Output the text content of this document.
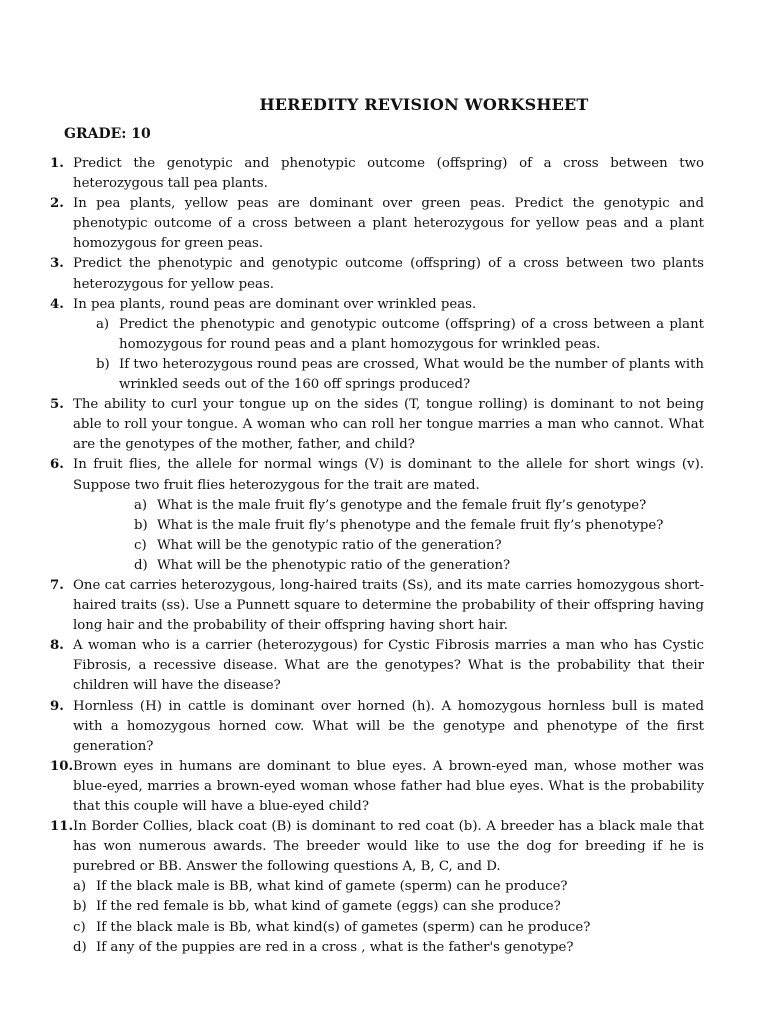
HEREDITY REVISION WORKSHEET
GRADE: 10
1. Predict the genotypic and phenotypic outcome (offspring) of a cross between two heterozygous tall pea plants.

2. In pea plants, yellow peas are dominant over green peas. Predict the genotypic and phenotypic outcome of a cross between a plant heterozygous for yellow peas and a plant homozygous for green peas.

3. Predict the phenotypic and genotypic outcome (offspring) of a cross between two plants heterozygous for yellow peas.

4. In pea plants, round peas are dominant over wrinkled peas.

a) Predict the phenotypic and genotypic outcome (offspring) of a cross between a plant homozygous for round peas and a plant homozygous for wrinkled peas.
b) If two heterozygous round peas are crossed, What would be the number of plants with wrinkled seeds out of the 160 off springs produced?
5. The ability to curl your tongue up on the sides (T, tongue rolling) is dominant to not being able to roll your tongue. A woman who can roll her tongue marries a man who cannot. What are the genotypes of the mother, father, and child?

6. In fruit flies, the allele for normal wings (V) is dominant to the allele for short wings (v). Suppose two fruit flies heterozygous for the trait are mated.

a) What is the male fruit fly’s genotype and the female fruit fly’s genotype?
b) What is the male fruit fly’s phenotype and the female fruit fly’s phenotype?
c) What will be the genotypic ratio of the generation?
d) What will be the phenotypic ratio of the generation?
7. One cat carries heterozygous, long-haired traits (Ss), and its mate carries homozygous short-haired traits (ss). Use a Punnett square to determine the probability of their offspring having long hair and the probability of their offspring having short hair.

8. A woman who is a carrier (heterozygous) for Cystic Fibrosis marries a man who has Cystic Fibrosis, a recessive disease. What are the genotypes? What is the probability that their children will have the disease?

9. Hornless (H) in cattle is dominant over horned (h). A homozygous hornless bull is mated with a homozygous horned cow. What will be the genotype and phenotype of the first generation?

10. Brown eyes in humans are dominant to blue eyes. A brown-eyed man, whose mother was blue-eyed, marries a brown-eyed woman whose father had blue eyes. What is the probability that this couple will have a blue-eyed child?

11. In Border Collies, black coat (B) is dominant to red coat (b). A breeder has a black male that has won numerous awards. The breeder would like to use the dog for breeding if he is purebred or BB. Answer the following questions A, B, C, and D.

a) If the black male is BB, what kind of gamete (sperm) can he produce?
b) If the red female is bb, what kind of gamete (eggs) can she produce?
c) If the black male is Bb, what kind(s) of gametes (sperm) can he produce?
d) If any of the puppies are red in a cross , what is the father's genotype?
